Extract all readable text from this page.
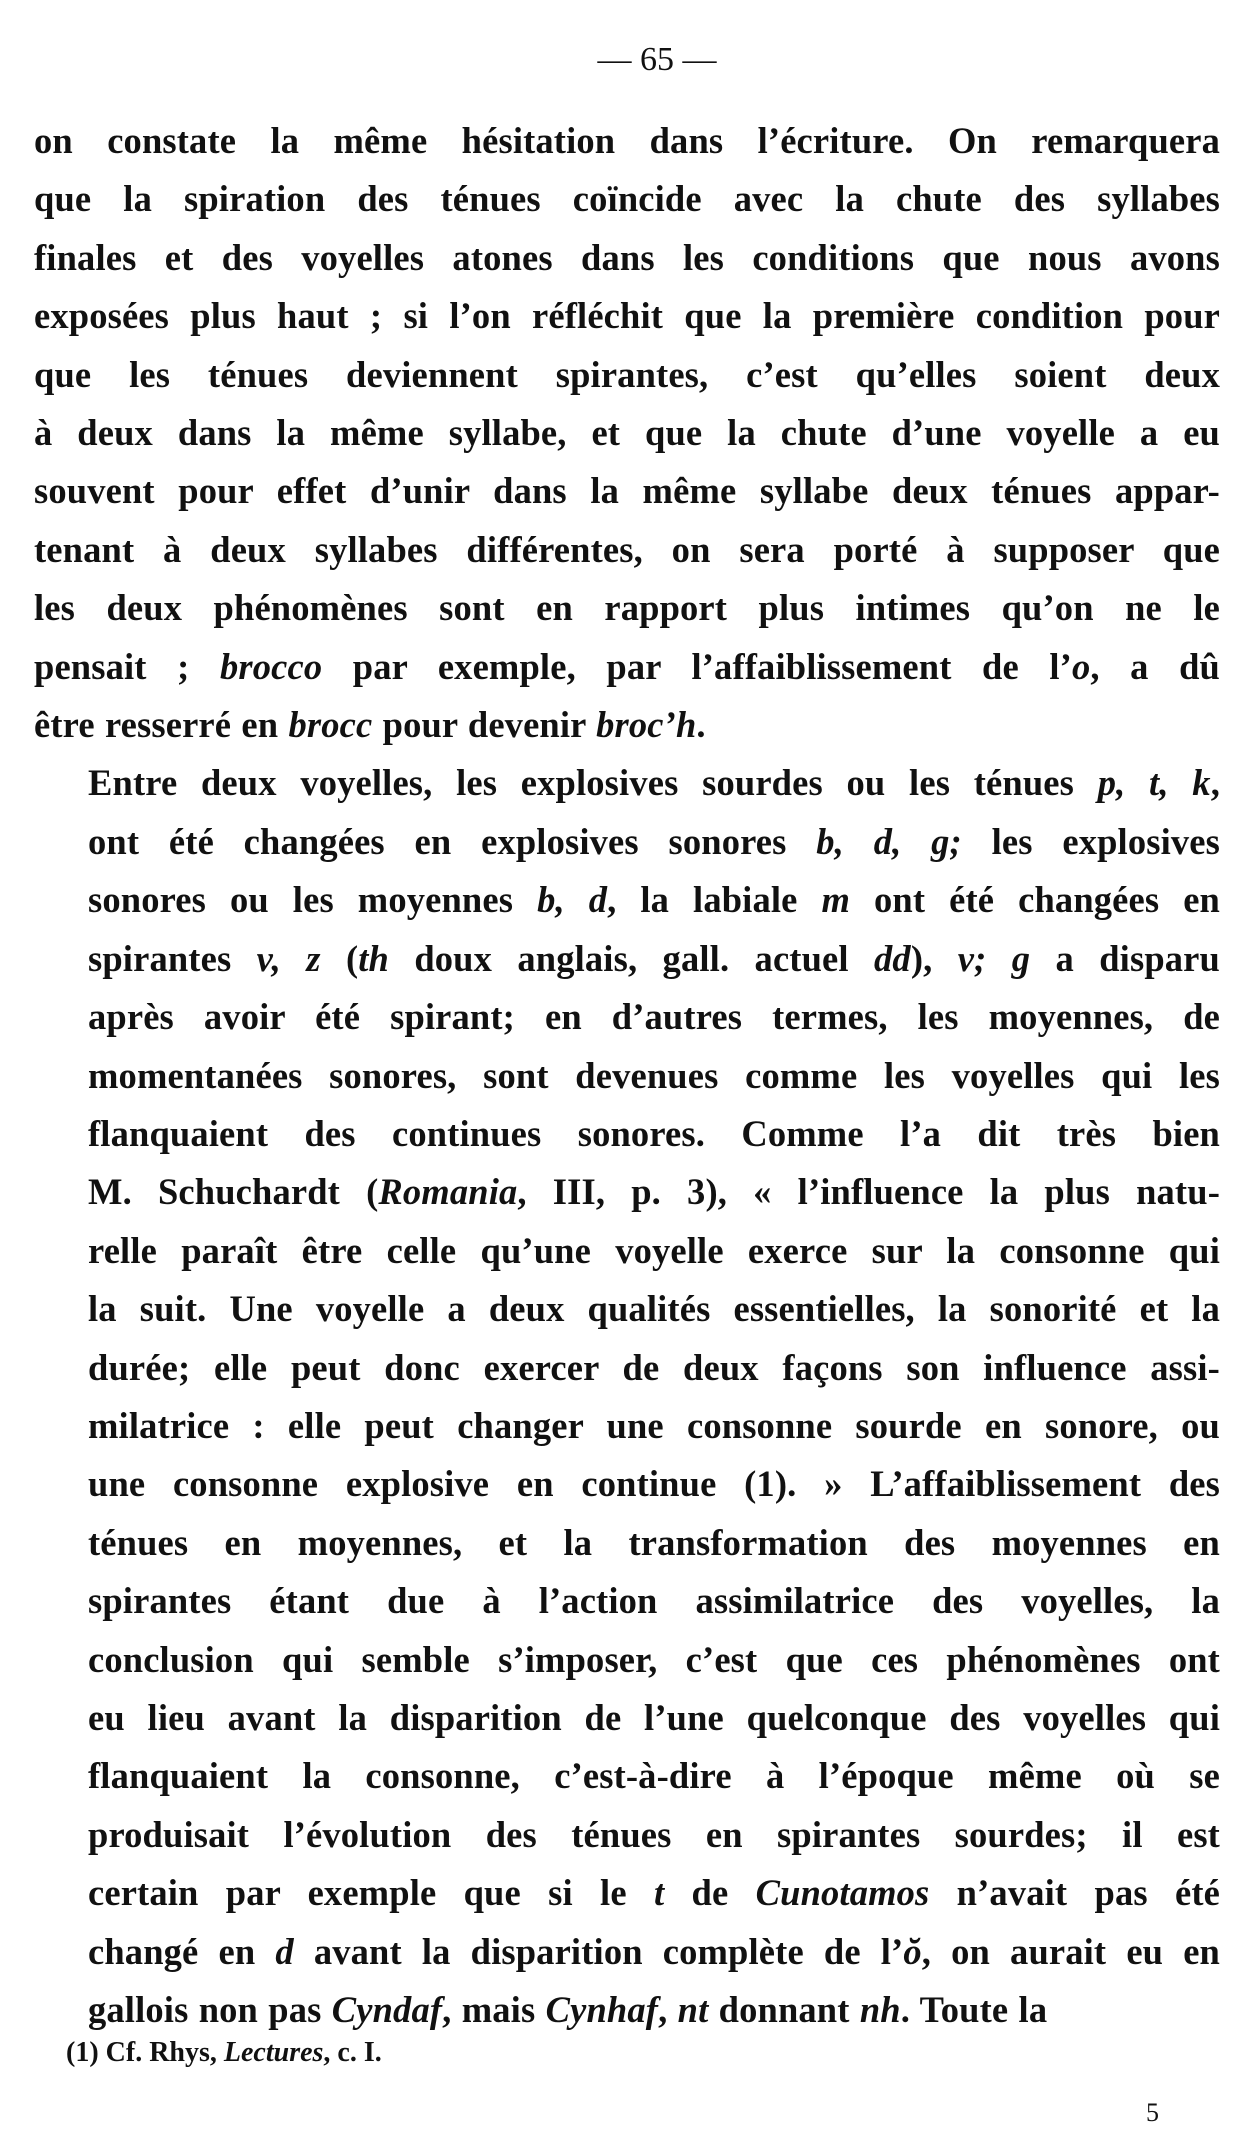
— 65 —

on constate la même hésitation dans l’écriture. On remarquera
que la spiration des ténues coïncide avec la chute des syllabes
finales et des voyelles atones dans les conditions que nous avons
exposées plus haut ; si l’on réfléchit que la première condition pour
que les ténues deviennent spirantes, c’est qu’elles soient deux
à deux dans la même syllabe, et que la chute d’une voyelle a eu
souvent pour effet d’unir dans la même syllabe deux ténues appar-
tenant à deux syllabes différentes, on sera porté à supposer que
les deux phénomènes sont en rapport plus intimes qu’on ne le
pensait ; brocco par exemple, par l’affaiblissement de l’o, a dû
être resserré en brocc pour devenir broc’h.

Entre deux voyelles, les explosives sourdes ou les ténues p, t, k,
ont été changées en explosives sonores b, d, g; les explosives
sonores ou les moyennes b, d, la labiale m ont été changées en
spirantes v, z (th doux anglais, gall. actuel dd), v; g a disparu
après avoir été spirant; en d’autres termes, les moyennes, de
momentanées sonores, sont devenues comme les voyelles qui les
flanquaient des continues sonores. Comme l’a dit très bien
M. Schuchardt (Romania, III, p. 3), « l’influence la plus natu-
relle paraît être celle qu’une voyelle exerce sur la consonne qui
la suit. Une voyelle a deux qualités essentielles, la sonorité et la
durée; elle peut donc exercer de deux façons son influence assi-
milatrice : elle peut changer une consonne sourde en sonore, ou
une consonne explosive en continue (1). » L’affaiblissement des
ténues en moyennes, et la transformation des moyennes en
spirantes étant due à l’action assimilatrice des voyelles, la
conclusion qui semble s’imposer, c’est que ces phénomènes ont
eu lieu avant la disparition de l’une quelconque des voyelles qui
flanquaient la consonne, c’est-à-dire à l’époque même où se
produisait l’évolution des ténues en spirantes sourdes; il est
certain par exemple que si le t de Cunotamos n’avait pas été
changé en d avant la disparition complète de l’ŏ, on aurait eu en
gallois non pas Cyndaf, mais Cynhaf, nt donnant nh. Toute la

(1) Cf. Rhys, Lectures, c. I.
5
